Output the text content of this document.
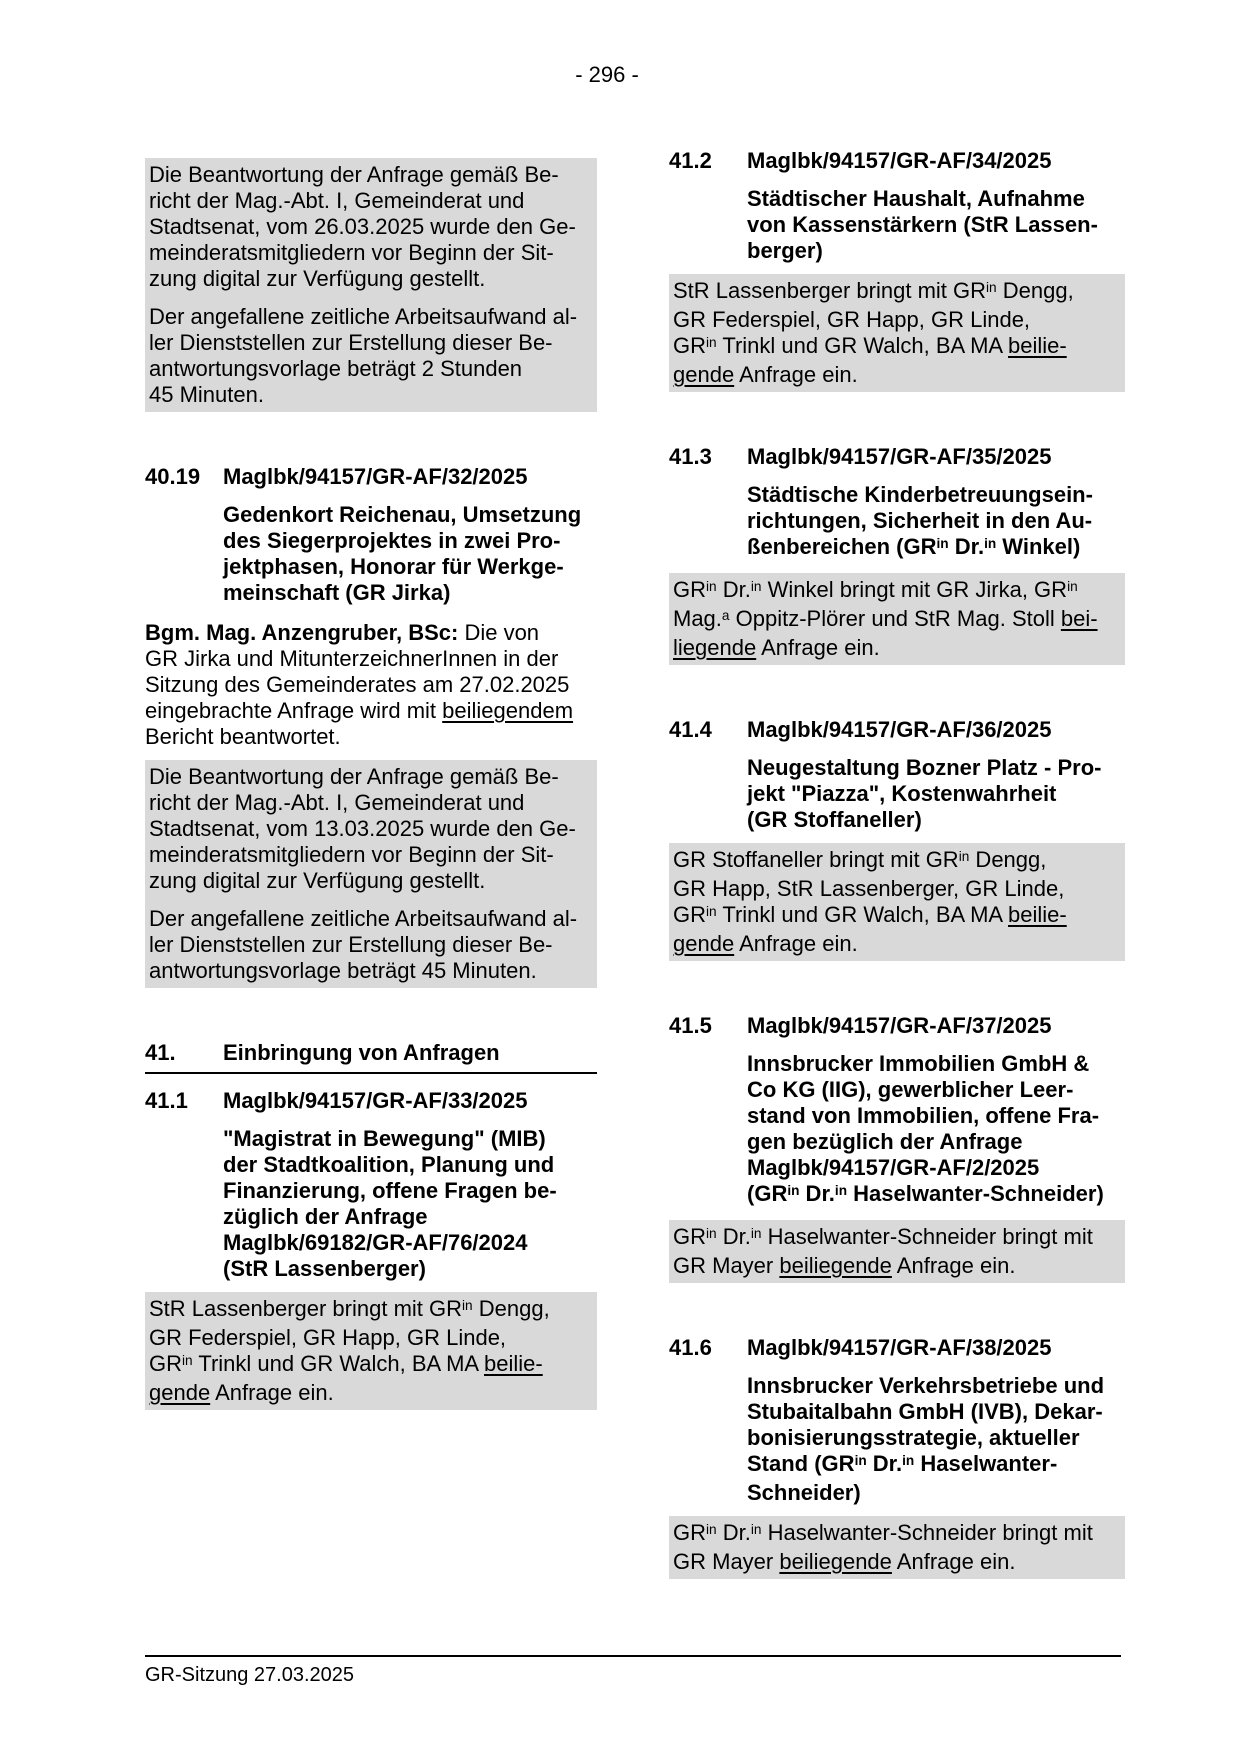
- 296 -
Die Beantwortung der Anfrage gemäß Be-
richt der Mag.-Abt. I, Gemeinderat und
Stadtsenat, vom 26.03.2025 wurde den Ge-
meinderatsmitgliedern vor Beginn der Sit-
zung digital zur Verfügung gestellt.
Der angefallene zeitliche Arbeitsaufwand al-
ler Dienststellen zur Erstellung dieser Be-
antwortungsvorlage beträgt 2 Stunden
45 Minuten.
40.19	Maglbk/94157/GR-AF/32/2025
Gedenkort Reichenau, Umsetzung
des Siegerprojektes in zwei Pro-
jektphasen, Honorar für Werkge-
meinschaft (GR Jirka)
Bgm. Mag. Anzengruber, BSc: Die von
GR Jirka und MitunterzeichnerInnen in der
Sitzung des Gemeinderates am 27.02.2025
eingebrachte Anfrage wird mit beiliegendem
Bericht beantwortet.
Die Beantwortung der Anfrage gemäß Be-
richt der Mag.-Abt. I, Gemeinderat und
Stadtsenat, vom 13.03.2025 wurde den Ge-
meinderatsmitgliedern vor Beginn der Sit-
zung digital zur Verfügung gestellt.
Der angefallene zeitliche Arbeitsaufwand al-
ler Dienststellen zur Erstellung dieser Be-
antwortungsvorlage beträgt 45 Minuten.
41.	Einbringung von Anfragen
41.1	Maglbk/94157/GR-AF/33/2025
"Magistrat in Bewegung" (MIB)
der Stadtkoalition, Planung und
Finanzierung, offene Fragen be-
züglich der Anfrage
Maglbk/69182/GR-AF/76/2024
(StR Lassenberger)
StR Lassenberger bringt mit $GR^{in}$ Dengg,
GR Federspiel, GR Happ, GR Linde,
$GR^{in}$ Trinkl und GR Walch, BA MA beilie-
gende Anfrage ein.
41.2	Maglbk/94157/GR-AF/34/2025
Städtischer Haushalt, Aufnahme
von Kassenstärkern (StR Lassen-
berger)
StR Lassenberger bringt mit $GR^{in}$ Dengg,
GR Federspiel, GR Happ, GR Linde,
$GR^{in}$ Trinkl und GR Walch, BA MA beilie-
gende Anfrage ein.
41.3	Maglbk/94157/GR-AF/35/2025
Städtische Kinderbetreuungsein-
richtungen, Sicherheit in den Au-
ßenbereichen ($GR^{in}$ Dr.$^{in}$ Winkel)
$GR^{in}$ Dr.$^{in}$ Winkel bringt mit GR Jirka, $GR^{in}$
Mag.$^a$ Oppitz-Plörer und StR Mag. Stoll bei-
liegende Anfrage ein.
41.4	Maglbk/94157/GR-AF/36/2025
Neugestaltung Bozner Platz - Pro-
jekt "Piazza", Kostenwahrheit
(GR Stoffaneller)
GR Stoffaneller bringt mit $GR^{in}$ Dengg,
GR Happ, StR Lassenberger, GR Linde,
$GR^{in}$ Trinkl und GR Walch, BA MA beilie-
gende Anfrage ein.
41.5	Maglbk/94157/GR-AF/37/2025
Innsbrucker Immobilien GmbH &
Co KG (IIG), gewerblicher Leer-
stand von Immobilien, offene Fra-
gen bezüglich der Anfrage
Maglbk/94157/GR-AF/2/2025
($GR^{in}$ Dr.$^{in}$ Haselwanter-Schneider)
$GR^{in}$ Dr.$^{in}$ Haselwanter-Schneider bringt mit
GR Mayer beiliegende Anfrage ein.
41.6	Maglbk/94157/GR-AF/38/2025
Innsbrucker Verkehrsbetriebe und
Stubaitalbahn GmbH (IVB), Dekar-
bonisierungsstrategie, aktueller
Stand ($GR^{in}$ Dr.$^{in}$ Haselwanter-
Schneider)
$GR^{in}$ Dr.$^{in}$ Haselwanter-Schneider bringt mit
GR Mayer beiliegende Anfrage ein.
GR-Sitzung 27.03.2025
